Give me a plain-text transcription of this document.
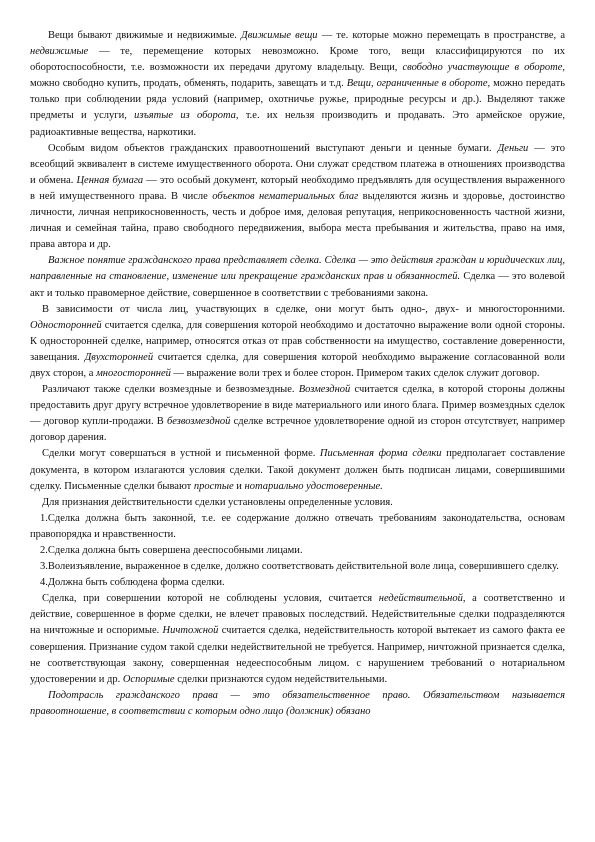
Вещи бывают движимые и недвижимые. Движимые вещи — те. которые можно перемещать в пространстве, а недвижимые — те, перемещение которых невозможно. Кроме того, вещи классифицируются по их оборотоспособности, т.е. возможности их передачи другому владельцу. Вещи, свободно участвующие в обороте, можно свободно купить, продать, обменять, подарить, завещать и т.д. Вещи, ограниченные в обороте, можно передать только при соблюдении ряда условий (например, охотничье ружье, природные ресурсы и др.). Выделяют также предметы и услуги, изъятые из оборота, т.е. их нельзя производить и продавать. Это армейское оружие, радиоактивные вещества, наркотики.

Особым видом объектов гражданских правоотношений выступают деньги и ценные бумаги. Деньги — это всеобщий эквивалент в системе имущественного оборота. Они служат средством платежа в отношениях производства и обмена. Ценная бумага — это особый документ, который необходимо предъявлять для осуществления выраженного в ней имущественного права. В числе объектов нематериальных благ выделяются жизнь и здоровье, достоинство личности, личная неприкосновенность, честь и доброе имя, деловая репутация, неприкосновенность частной жизни, личная и семейная тайна, право свободного передвижения, выбора места пребывания и жительства, право на имя, права автора и др.

Важное понятие гражданского права представляет сделка. Сделка — это действия граждан и юридических лиц, направленные на становление, изменение или прекращение гражданских прав и обязанностей. Сделка — это волевой акт и только правомерное действие, совершенное в соответствии с требованиями закона.

В зависимости от числа лиц, участвующих в сделке, они могут быть одно-, двух- и мнюгосторонними. Односторонней считается сделка, для совершения которой необходимо и достаточно выражение воли одной стороны. К односторонней сделке, например, относятся отказ от прав собственности на имущество, составление доверенности, завещания. Двухсторонней считается сделка, для совершения которой необходимо выражение согласованной воли двух сторон, а многосторонней — выражение воли трех и более сторон. Примером таких сделок служит договор.

Различают также сделки возмездные и безвозмездные. Возмездной считается сделка, в которой стороны должны предоставить друг другу встречное удовлетворение в виде материального или иного блага. Пример возмездных сделок — договор купли-продажи. В безвозмездной сделке встречное удовлетворение одной из сторон отсутствует, например договор дарения.

Сделки могут совершаться в устной и письменной форме. Письменная форма сделки предполагает составление документа, в котором излагаются условия сделки. Такой документ должен быть подписан лицами, совершившими сделку. Письменные сделки бывают простые и нотариально удостоверенные.

Для признания действительности сделки установлены определенные условия.

1.Сделка должна быть законной, т.е. ее содержание должно отвечать требованиям законодательства, основам правопорядка и нравственности.

2.Сделка должна быть совершена дееспособными лицами.

3.Волеизъявление, выраженное в сделке, должно соответствовать действительной воле лица, совершившего сделку.

4.Должна быть соблюдена форма сделки.

Сделка, при совершении которой не соблюдены условия, считается недействительной, а соответственно и действие, совершенное в форме сделки, не влечет правовых последствий. Недействительные сделки подразделяются на ничтожные и оспоримые. Ничтожной считается сделка, недействительность которой вытекает из самого факта ее совершения. Признание судом такой сделки недействительной не требуется. Например, ничтожной признается сделка, не соответствующая закону, совершенная недееспособным лицом. с нарушением требований о нотариальном удостоверении и др. Оспоримые сделки признаются судом недействительными.

Подотрасль гражданского права — это обязательственное право. Обязательством называется правоотношение, в соответствии с которым одно лицо (должник) обязано
